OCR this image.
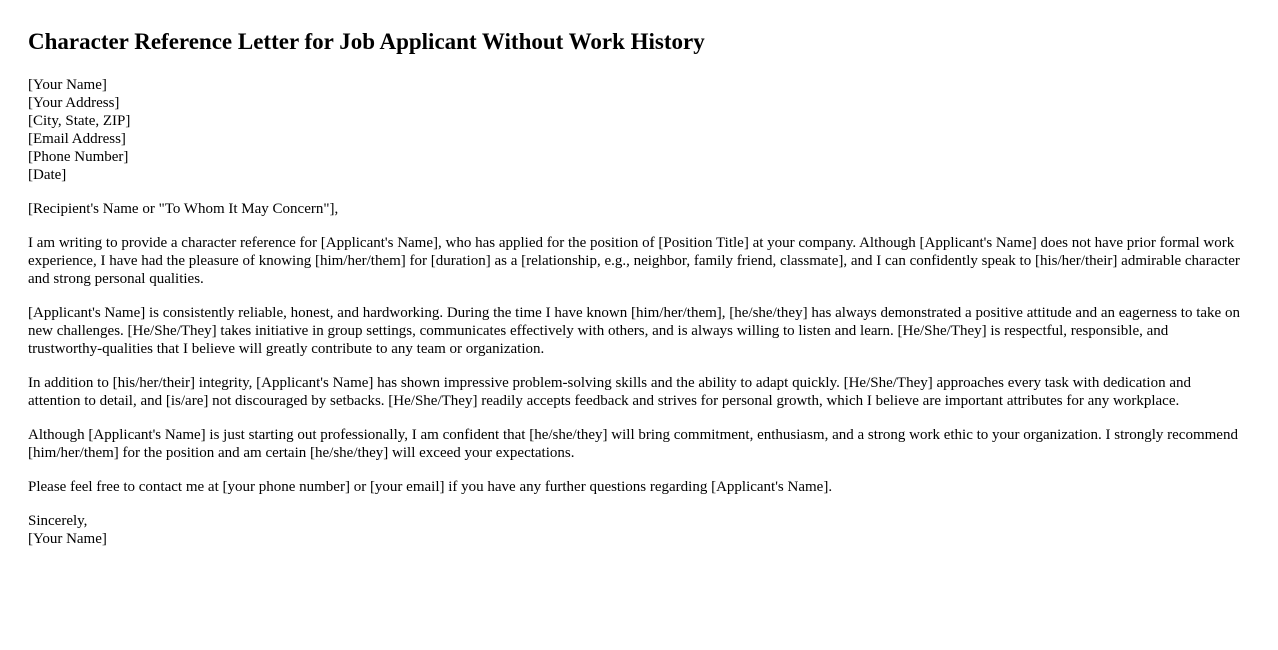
Character Reference Letter for Job Applicant Without Work History
[Your Name]
[Your Address]
[City, State, ZIP]
[Email Address]
[Phone Number]
[Date]

[Recipient's Name or "To Whom It May Concern"],

I am writing to provide a character reference for [Applicant's Name], who has applied for the position of [Position Title] at your company. Although [Applicant's Name] does not have prior formal work experience, I have had the pleasure of knowing [him/her/them] for [duration] as a [relationship, e.g., neighbor, family friend, classmate], and I can confidently speak to [his/her/their] admirable character and strong personal qualities.

[Applicant's Name] is consistently reliable, honest, and hardworking. During the time I have known [him/her/them], [he/she/they] has always demonstrated a positive attitude and an eagerness to take on new challenges. [He/She/They] takes initiative in group settings, communicates effectively with others, and is always willing to listen and learn. [He/She/They] is respectful, responsible, and trustworthy-qualities that I believe will greatly contribute to any team or organization.

In addition to [his/her/their] integrity, [Applicant's Name] has shown impressive problem-solving skills and the ability to adapt quickly. [He/She/They] approaches every task with dedication and attention to detail, and [is/are] not discouraged by setbacks. [He/She/They] readily accepts feedback and strives for personal growth, which I believe are important attributes for any workplace.

Although [Applicant's Name] is just starting out professionally, I am confident that [he/she/they] will bring commitment, enthusiasm, and a strong work ethic to your organization. I strongly recommend [him/her/them] for the position and am certain [he/she/they] will exceed your expectations.

Please feel free to contact me at [your phone number] or [your email] if you have any further questions regarding [Applicant's Name].

Sincerely,
[Your Name]
